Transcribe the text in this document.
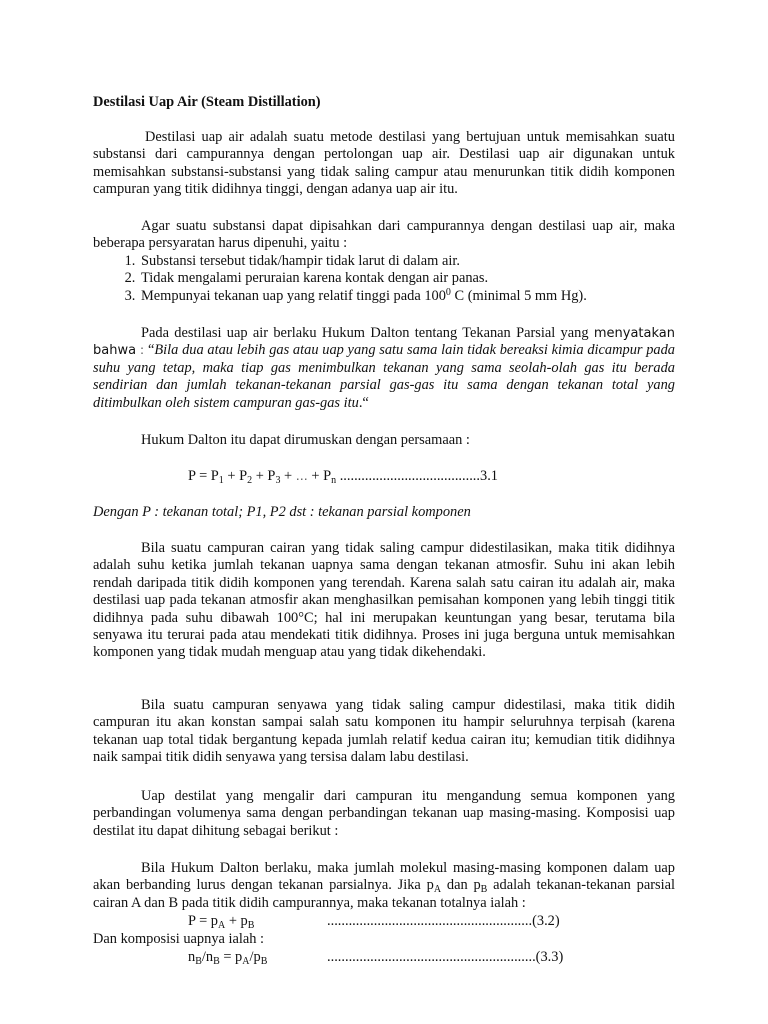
Destilasi Uap Air (Steam Distillation)

Destilasi uap air adalah suatu metode destilasi yang bertujuan untuk memisahkan suatu substansi dari campurannya dengan pertolongan uap air. Destilasi uap air digunakan untuk memisahkan substansi-substansi yang tidak saling campur atau menurunkan titik didih komponen campuran yang titik didihnya tinggi, dengan adanya uap air itu.

Agar suatu substansi dapat dipisahkan dari campurannya dengan destilasi uap air, maka beberapa persyaratan harus dipenuhi, yaitu :

1. Substansi tersebut tidak/hampir tidak larut di dalam air.
2. Tidak mengalami peruraian karena kontak dengan air panas.
3. Mempunyai tekanan uap yang relatif tinggi pada $100^0$ C (minimal 5 mm Hg).

Pada destilasi uap air berlaku Hukum Dalton tentang Tekanan Parsial yang menyatakan bahwa : “Bila dua atau lebih gas atau uap yang satu sama lain tidak bereaksi kimia dicampur pada suhu yang tetap, maka tiap gas menimbulkan tekanan yang sama seolah-olah gas itu berada sendirian dan jumlah tekanan-tekanan parsial gas-gas itu sama dengan tekanan total yang ditimbulkan oleh sistem campuran gas-gas itu.“

Hukum Dalton itu dapat dirumuskan dengan persamaan :

$P = P_1 + P_2 + P_3$ + … + $P_n$ .......................................3.1

Dengan P : tekanan total; P1, P2 dst : tekanan parsial komponen

Bila suatu campuran cairan yang tidak saling campur didestilasikan, maka titik didihnya adalah suhu ketika jumlah tekanan uapnya sama dengan tekanan atmosfir. Suhu ini akan lebih rendah daripada titik didih komponen yang terendah. Karena salah satu cairan itu adalah air, maka destilasi uap pada tekanan atmosfir akan menghasilkan pemisahan komponen yang lebih tinggi titik didihnya pada suhu dibawah 100°C; hal ini merupakan keuntungan yang besar, terutama bila senyawa itu terurai pada atau mendekati titik didihnya. Proses ini juga berguna untuk memisahkan komponen yang tidak mudah menguap atau yang tidak dikehendaki.

Bila suatu campuran senyawa yang tidak saling campur didestilasi, maka titik didih campuran itu akan konstan sampai salah satu komponen itu hampir seluruhnya terpisah (karena tekanan uap total tidak bergantung kepada jumlah relatif kedua cairan itu; kemudian titik didihnya naik sampai titik didih senyawa yang tersisa dalam labu destilasi.

Uap destilat yang mengalir dari campuran itu mengandung semua komponen yang perbandingan volumenya sama dengan perbandingan tekanan uap masing-masing. Komposisi uap destilat itu dapat dihitung sebagai berikut :

Bila Hukum Dalton berlaku, maka jumlah molekul masing-masing komponen dalam uap akan berbanding lurus dengan tekanan parsialnya. Jika $p_A$ dan $p_B$ adalah tekanan-tekanan parsial cairan A dan B pada titik didih campurannya, maka tekanan totalnya ialah :

$P = p_A + p_B$	.........................................................(3.2)

Dan komposisi uapnya ialah :

$n_B/n_B = p_A/p_B$	..........................................................(3.3)
